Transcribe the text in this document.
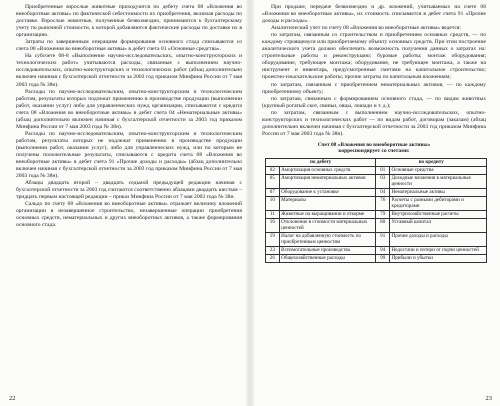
Приобретенные взрослые животные приходуются по дебету счета 08 «Вложения во внеоборотные активы» по фактической себестоимости их приобретения, включая расходы по доставке. Взрослые животные, полученные безвозмездно, принимаются к бухгалтерскому учету по рыночной стоимости, к которой добавляются фактические расходы по доставке их в организацию.

Затраты по завершенным операциям формирования основного стада списываются со счета 08 «Вложения во внеоборотные активы» в дебет счета 01 «Основные средства».

На субсчете 08-8 «Выполнение научно-исследовательских, опытно-конструкторских и технологических работ» учитываются расходы, связанные с выполнением научно-исследовательских, опытно-конструкторских и технологических работ (абзац дополнительно включен начиная с бухгалтерской отчетности за 2003 год приказом Минфина России от 7 мая 2003 года № 38н).

Расходы по научно-исследовательским, опытно-конструкторским и технологическим работам, результаты которых подлежат применению в производстве продукции (выполнении работ, оказании услуг) либо для управленческих нужд организации, списываются с кредита счета 08 «Вложения во внеоборотные активы» в дебет счета 04 «Нематериальные активы» (абзац дополнительно включен начиная с бухгалтерской отчетности за 2003 год приказом Минфина России от 7 мая 2003 года № 38н).

Расходы по научно-исследовательским, опытно-конструкторским и технологическим работам, результаты которых не подлежат применению в производстве продукции (выполнении работ, оказании услуг), либо для управленческих нужд, или по которым не получены положительные результаты, списываются с кредита счета 08 «Вложения во внеоборотные активы» в дебет счета 91 «Прочие доходы и расходы» (абзац дополнительно включен начиная с бухгалтерской отчетности за 2003 год приказом Минфина России от 7 мая 2003 года № 38н).

Абзацы двадцать второй – двадцать седьмой предыдущей редакции начиная с бухгалтерской отчетности за 2003 год считаются соответственно абзацами двадцать шестым – тридцать первым настоящей редакции – приказ Минфина России от 7 мая 2003 года № 38н.

Сальдо по счету 08 «Вложения во внеоборотные активы» отражает величину вложений организации в незавершенное строительство, незавершенные операции приобретения основных средств, нематериальных и других внеоборотных активов, а также формирования основного стада.

22

При продаже, передаче безвозмездно и др. вложений, учитываемых на счете 08 «Вложения во внеоборотные активы», их стоимость списывается в дебет счета 91 «Прочие доходы и расходы».

Аналитический учет по счету 08 «Вложения во внеоборотные активы» ведется:

по затратам, связанным со строительством и приобретением основных средств, — по каждому строящемуся или приобретаемому объекту основных средств. При этом построение аналитического учета должно обеспечить возможность получения данных о затратах на: строительные работы и реконструкцию; буровые работы; монтаж оборудования; оборудование, требующее монтажа; оборудование, не требующее монтажа, а также на инструмент и инвентарь, предусмотренные сметами на капитальное строительство; проектно-изыскательские работы; прочие затраты по капитальным вложениям;

по затратам, связанным с приобретением нематериальных активов, — по каждому приобретенному объекту;

по затратам, связанным с формированием основного стада, — по видам животных (крупный рогатый скот, свиньи, овцы, лошади и т. д.);

по затратам, связанным с выполнением научно-исследовательских, опытно-конструкторских и технологических работ — по видам работ, договорам (заказам) (абзац дополнительно включен начиная с бухгалтерской отчетности за 2003 год приказом Минфина России от 7 мая 2003 года № 38н).

Счет 08 «Вложения во внеоборотные активы»
корреспондирует со счетами:
по дебету		по кредиту	
02	Амортизация основных средств	01	Основные средства
05	Амортизация нематериальных активов	03	Доходные вложения в материальные ценности
07	Оборудование к установке	04	Нематериальные активы
10	Материалы	76	Расчеты с разными дебиторами и кредиторами
11	Животные на выращивании и откорме	79	Внутрихозяйственные расчеты
16	Отклонение в стоимости материальных ценностей	80	Уставный капитал
19	Налог на добавленную стоимость по приобретенным ценностям	91	Прочие доходы и расходы
23	Вспомогательные производства	94	Недостачи и потери от порчи ценностей
26	Общехозяйственные расходы	99	Прибыли и убытки
23
